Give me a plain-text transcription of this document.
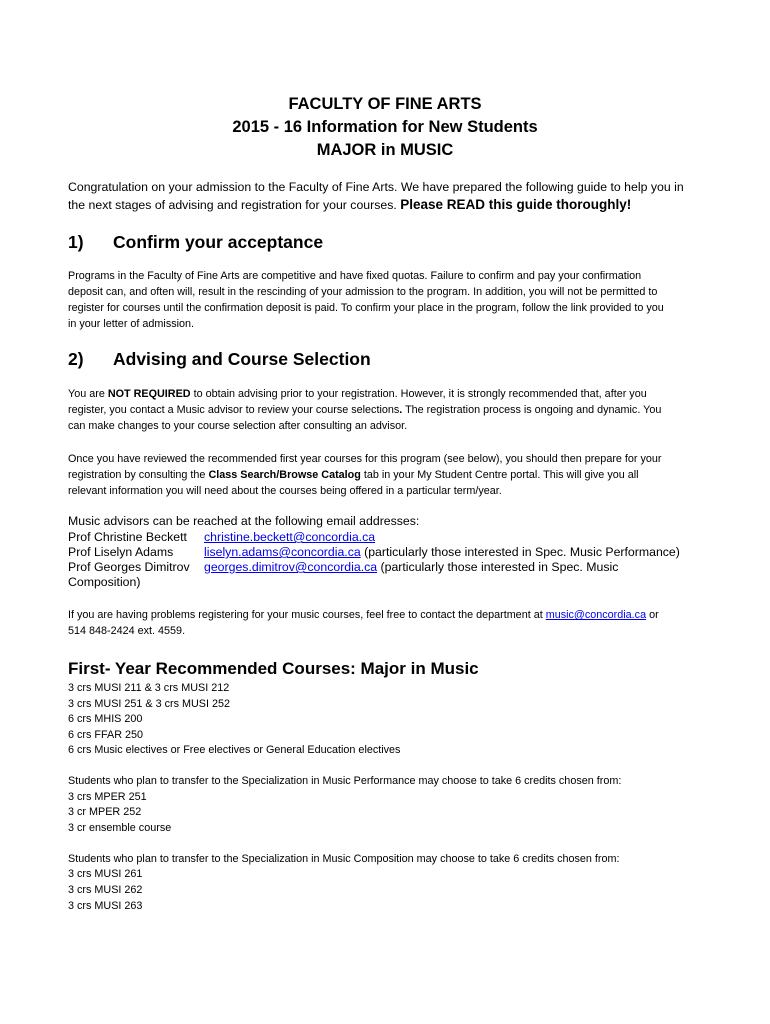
FACULTY OF FINE ARTS
2015 - 16 Information for New Students
MAJOR in MUSIC
Congratulation on your admission to the Faculty of Fine Arts. We have prepared the following guide to help you in
the next stages of advising and registration for your courses. Please READ this guide thoroughly!
1) Confirm your acceptance
Programs in the Faculty of Fine Arts are competitive and have fixed quotas. Failure to confirm and pay your confirmation
deposit can, and often will, result in the rescinding of your admission to the program. In addition, you will not be permitted to
register for courses until the confirmation deposit is paid. To confirm your place in the program, follow the link provided to you
in your letter of admission.
2) Advising and Course Selection
You are NOT REQUIRED to obtain advising prior to your registration. However, it is strongly recommended that, after you
register, you contact a Music advisor to review your course selections. The registration process is ongoing and dynamic. You
can make changes to your course selection after consulting an advisor.
Once you have reviewed the recommended first year courses for this program (see below), you should then prepare for your
registration by consulting the Class Search/Browse Catalog tab in your My Student Centre portal. This will give you all
relevant information you will need about the courses being offered in a particular term/year.
Music advisors can be reached at the following email addresses:
Prof Christine Beckett christine.beckett@concordia.ca
Prof Liselyn Adams liselyn.adams@concordia.ca (particularly those interested in Spec. Music Performance)
Prof Georges Dimitrov georges.dimitrov@concordia.ca (particularly those interested in Spec. Music
Composition)
If you are having problems registering for your music courses, feel free to contact the department at music@concordia.ca or
514 848-2424 ext. 4559.
First- Year Recommended Courses: Major in Music
3 crs MUSI 211 & 3 crs MUSI 212
3 crs MUSI 251 & 3 crs MUSI 252
6 crs MHIS 200
6 crs FFAR 250
6 crs Music electives or Free electives or General Education electives
Students who plan to transfer to the Specialization in Music Performance may choose to take 6 credits chosen from:
3 crs MPER 251
3 cr MPER 252
3 cr ensemble course
Students who plan to transfer to the Specialization in Music Composition may choose to take 6 credits chosen from:
3 crs MUSI 261
3 crs MUSI 262
3 crs MUSI 263
